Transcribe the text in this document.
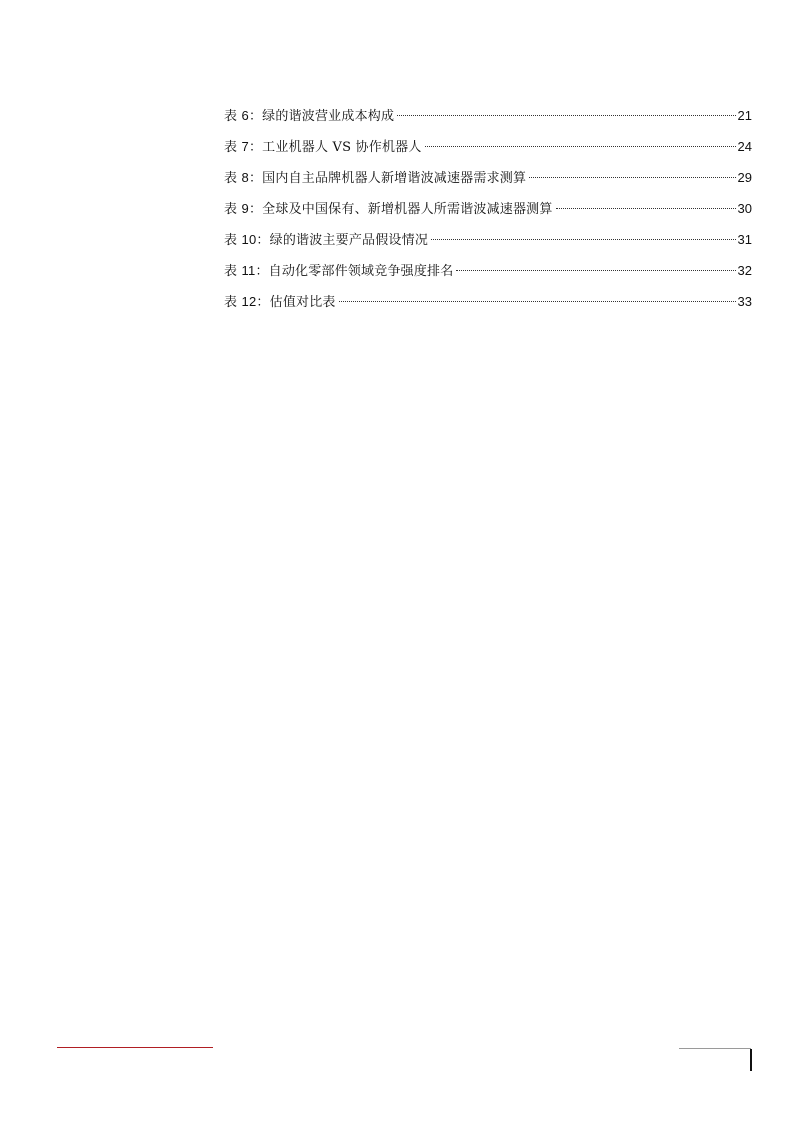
表 6：绿的谐波营业成本构成	21
表 7：工业机器人 VS 协作机器人	24
表 8：国内自主品牌机器人新增谐波减速器需求测算	29
表 9：全球及中国保有、新增机器人所需谐波减速器测算	30
表 10：绿的谐波主要产品假设情况	31
表 11：自动化零部件领域竞争强度排名	32
表 12：估值对比表	33
